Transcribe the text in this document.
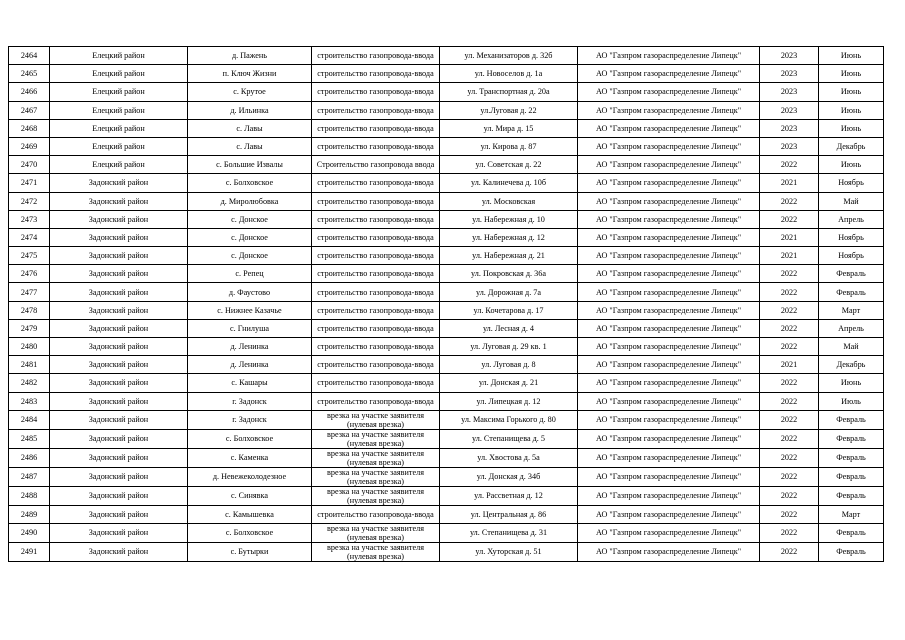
2464	Елецкий район	д. Пажень	строительство газопровода-ввода	ул. Механизаторов д. 32б	АО "Газпром газораспределение Липецк"	2023	Июнь
2465	Елецкий район	п. Ключ Жизни	строительство газопровода-ввода	ул. Новоселов д. 1а	АО "Газпром газораспределение Липецк"	2023	Июнь
2466	Елецкий район	с. Крутое	строительство газопровода-ввода	ул. Транспортная д. 20а	АО "Газпром газораспределение Липецк"	2023	Июнь
2467	Елецкий район	д. Ильинка	строительство газопровода-ввода	ул.Луговая д. 22	АО "Газпром газораспределение Липецк"	2023	Июнь
2468	Елецкий район	с. Лавы	строительство газопровода-ввода	ул. Мира д. 15	АО "Газпром газораспределение Липецк"	2023	Июнь
2469	Елецкий район	с. Лавы	строительство газопровода-ввода	ул. Кирова д. 87	АО "Газпром газораспределение Липецк"	2023	Декабрь
2470	Елецкий район	с. Большие Извалы	Строительство газопровода ввода	ул. Советская д. 22	АО "Газпром газораспределение Липецк"	2022	Июнь
2471	Задонский район	с. Болховское	строительство газопровода-ввода	ул. Калинечева д. 10б	АО "Газпром газораспределение Липецк"	2021	Ноябрь
2472	Задонский район	д. Миролюбовка	строительство газопровода-ввода	ул. Московская	АО "Газпром газораспределение Липецк"	2022	Май
2473	Задонский район	с. Донское	строительство газопровода-ввода	ул. Набережная д. 10	АО "Газпром газораспределение Липецк"	2022	Апрель
2474	Задонский район	с. Донское	строительство газопровода-ввода	ул. Набережная д. 12	АО "Газпром газораспределение Липецк"	2021	Ноябрь
2475	Задонский район	с. Донское	строительство газопровода-ввода	ул. Набережная д. 21	АО "Газпром газораспределение Липецк"	2021	Ноябрь
2476	Задонский район	с. Репец	строительство газопровода-ввода	ул. Покровская д. 36а	АО "Газпром газораспределение Липецк"	2022	Февраль
2477	Задонский район	д. Фаустово	строительство газопровода-ввода	ул. Дорожная д. 7а	АО "Газпром газораспределение Липецк"	2022	Февраль
2478	Задонский район	с. Нижнее Казачье	строительство газопровода-ввода	ул. Кочетарова д. 17	АО "Газпром газораспределение Липецк"	2022	Март
2479	Задонский район	с. Гнилуша	строительство газопровода-ввода	ул. Лесная д. 4	АО "Газпром газораспределение Липецк"	2022	Апрель
2480	Задонский район	д. Ленинка	строительство газопровода-ввода	ул. Луговая д. 29 кв. 1	АО "Газпром газораспределение Липецк"	2022	Май
2481	Задонский район	д. Ленинка	строительство газопровода-ввода	ул. Луговая д. 8	АО "Газпром газораспределение Липецк"	2021	Декабрь
2482	Задонский район	с. Кашары	строительство газопровода-ввода	ул. Донская д. 21	АО "Газпром газораспределение Липецк"	2022	Июнь
2483	Задонский район	г. Задонск	строительство газопровода-ввода	ул. Липецкая д. 12	АО "Газпром газораспределение Липецк"	2022	Июль
2484	Задонский район	г. Задонск	врезка на участке заявителя (нулевая врезка)	ул. Максима Горького д. 80	АО "Газпром газораспределение Липецк"	2022	Февраль
2485	Задонский район	с. Болховское	врезка на участке заявителя (нулевая врезка)	ул. Степанищева д. 5	АО "Газпром газораспределение Липецк"	2022	Февраль
2486	Задонский район	с. Каменка	врезка на участке заявителя (нулевая врезка)	ул. Хвостова д. 5а	АО "Газпром газораспределение Липецк"	2022	Февраль
2487	Задонский район	д. Невежеколодезное	врезка на участке заявителя (нулевая врезка)	ул. Донская д. 34б	АО "Газпром газораспределение Липецк"	2022	Февраль
2488	Задонский район	с. Синявка	врезка на участке заявителя (нулевая врезка)	ул. Рассветная д. 12	АО "Газпром газораспределение Липецк"	2022	Февраль
2489	Задонский район	с. Камышевка	строительство газопровода-ввода	ул. Центральная д. 86	АО "Газпром газораспределение Липецк"	2022	Март
2490	Задонский район	с. Болховское	врезка на участке заявителя (нулевая врезка)	ул. Степанищева д. 31	АО "Газпром газораспределение Липецк"	2022	Февраль
2491	Задонский район	с. Бутырки	врезка на участке заявителя (нулевая врезка)	ул. Хуторская д. 51	АО "Газпром газораспределение Липецк"	2022	Февраль
